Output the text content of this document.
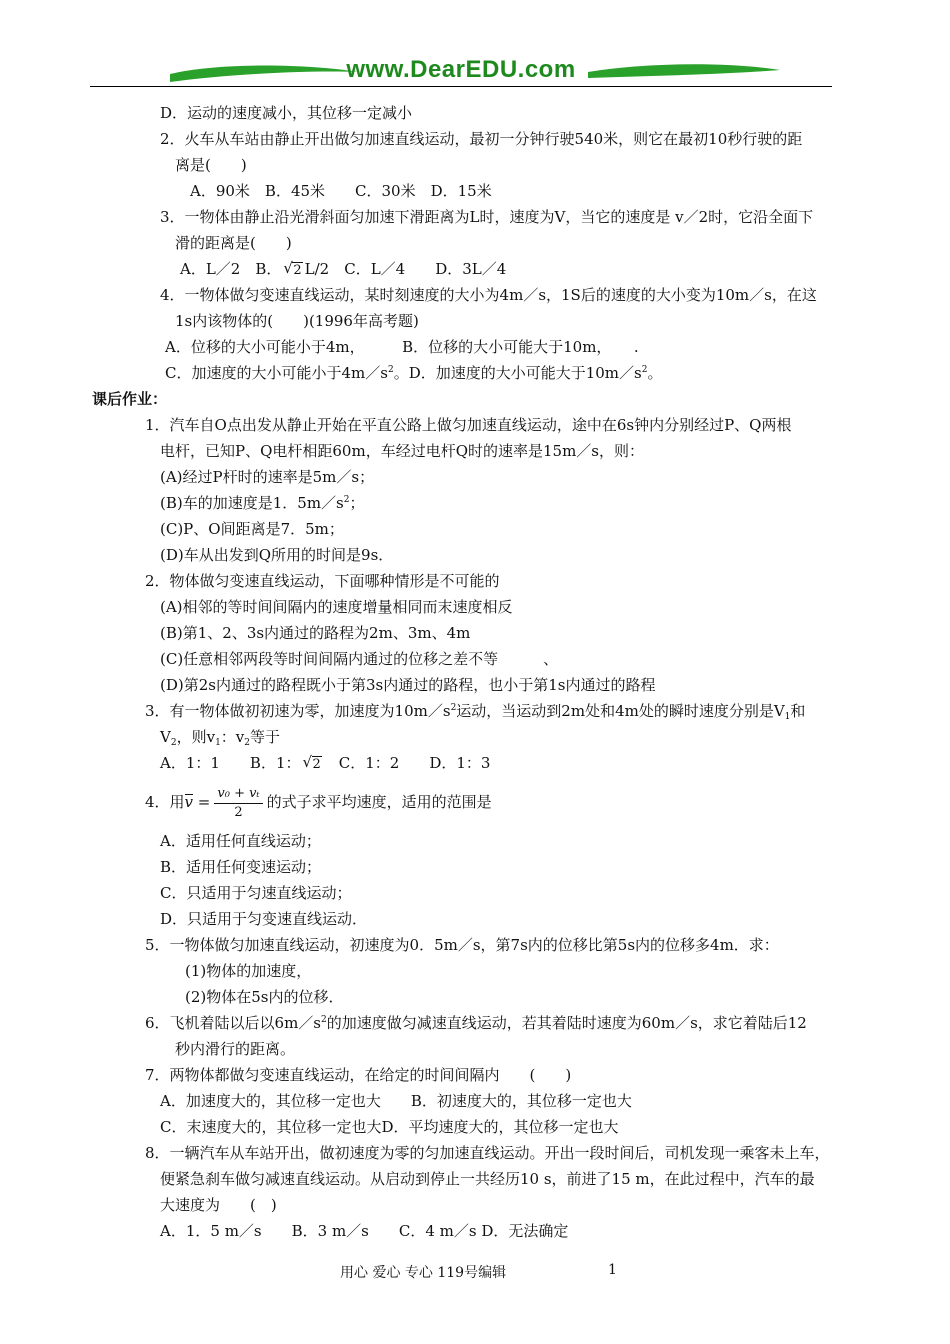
www.DearEDU.com
D．运动的速度减小，其位移一定减小
2．火车从车站由静止开出做匀加速直线运动，最初一分钟行驶540米，则它在最初10秒行驶的距
离是(　　)
A．90米　B．45米　　C．30米　D．15米
3．一物体由静止沿光滑斜面匀加速下滑距离为L时，速度为V，当它的速度是 v／2时，它沿全面下
滑的距离是(　　)
A．L／2　B． √ 2 L/2　C．L／4　　D．3L／4
4．一物体做匀变速直线运动，某时刻速度的大小为4m／s，1S后的速度的大小变为10m／s，在这
1s内该物体的(　　)(1996年高考题)
A．位移的大小可能小于4m，　　　B．位移的大小可能大于10m，　　.
C．加速度的大小可能小于$4m/s^2$。D．加速度的大小可能大于$10m/s^2$。
课后作业：
1．汽车自O点出发从静止开始在平直公路上做匀加速直线运动，途中在6s钟内分别经过P、Q两根
电杆，已知P、Q电杆相距60m，车经过电杆Q时的速率是15m／s，则：
(A)经过P杆时的速率是5m／s；
(B)车的加速度是1．$5m/s^2$；
(C)P、O间距离是7．5m；
(D)车从出发到Q所用的时间是9s．
2．物体做匀变速直线运动，下面哪种情形是不可能的
(A)相邻的等时间间隔内的速度增量相同而末速度相反
(B)第1、2、3s内通过的路程为2m、3m、4m
(C)任意相邻两段等时间间隔内通过的位移之差不等　　　、
(D)第2s内通过的路程既小于第3s内通过的路程，也小于第1s内通过的路程
3．有一物体做初初速为零，加速度为$10m/s^2$运动，当运动到2m处和4m处的瞬时速度分别是$V_1$和
$V_2$，则$v_1$：$v_2$等于
A．1：1　　B．1： √ 2　C．1：2　　D．1：3
4．用$v = \frac{\text{v₀ + vₜ}}{2}$ 的式子求平均速度，适用的范围是
A．适用任何直线运动；
B．适用任何变速运动；
C．只适用于匀速直线运动；
D．只适用于匀变速直线运动．
5．一物体做匀加速直线运动，初速度为0．5m／s，第7s内的位移比第5s内的位移多4m．求：
(1)物体的加速度，
(2)物体在5s内的位移．
6．飞机着陆以后以$6m/s^2$的加速度做匀减速直线运动，若其着陆时速度为60m／s，求它着陆后12
秒内滑行的距离。
7．两物体都做匀变速直线运动，在给定的时间间隔内　　(　　)
A．加速度大的，其位移一定也大　　B．初速度大的，其位移一定也大
C．末速度大的，其位移一定也大D．平均速度大的，其位移一定也大
8．一辆汽车从车站开出，做初速度为零的匀加速直线运动。开出一段时间后，司机发现一乘客未上车，
便紧急刹车做匀减速直线运动。从启动到停止一共经历10 s，前进了15 m，在此过程中，汽车的最
大速度为　　(　)
A．1．5 m／s　　B．3 m／s　　C．4 m／s D．无法确定
用心 爱心 专心 119号编辑	1
